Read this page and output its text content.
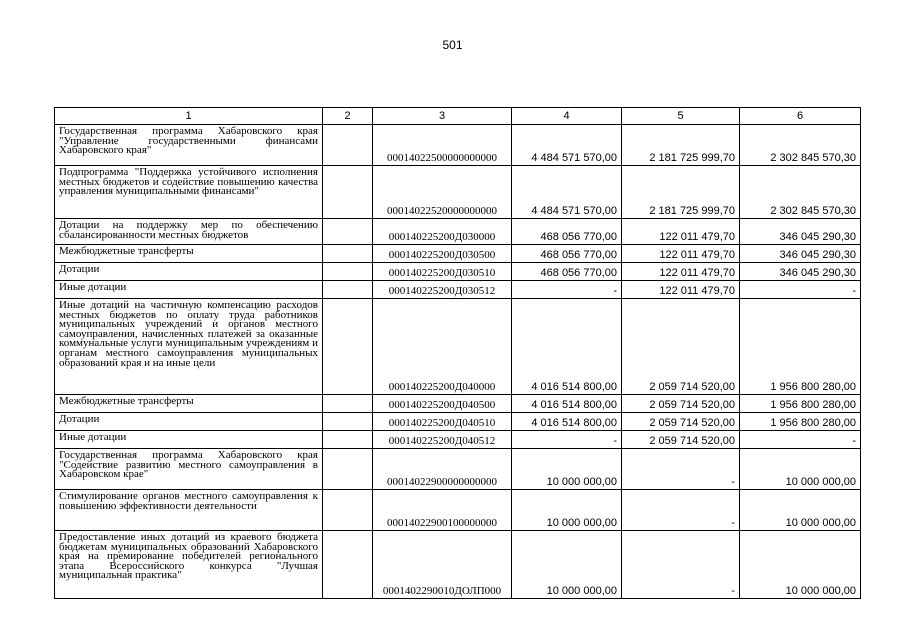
501
1	2	3	4	5	6
Государственная программа Хабаровского края "Управление государственными финансами Хабаровского края"		00014022500000000000	4 484 571 570,00	2 181 725 999,70	2 302 845 570,30
Подпрограмма "Поддержка устойчивого исполнения местных бюджетов и содействие повышению качества управления муниципальными финансами"		00014022520000000000	4 484 571 570,00	2 181 725 999,70	2 302 845 570,30
Дотации на поддержку мер по обеспечению сбалансированности местных бюджетов		000140225200Д030000	468 056 770,00	122 011 479,70	346 045 290,30
Межбюджетные трансферты		000140225200Д030500	468 056 770,00	122 011 479,70	346 045 290,30
Дотации		000140225200Д030510	468 056 770,00	122 011 479,70	346 045 290,30
Иные дотации		000140225200Д030512	-	122 011 479,70	-
Иные дотаций на частичную компенсацию расходов местных бюджетов по оплату труда работников муниципальных учреждений и органов местного самоуправления, начисленных платежей за оказанные коммунальные услуги муниципальным учреждениям и органам местного самоуправления муниципальных образований края и на иные цели		000140225200Д040000	4 016 514 800,00	2 059 714 520,00	1 956 800 280,00
Межбюджетные трансферты		000140225200Д040500	4 016 514 800,00	2 059 714 520,00	1 956 800 280,00
Дотации		000140225200Д040510	4 016 514 800,00	2 059 714 520,00	1 956 800 280,00
Иные дотации		000140225200Д040512	-	2 059 714 520,00	-
Государственная программа Хабаровского края "Содействие развитию местного самоуправления в Хабаровском крае"		00014022900000000000	10 000 000,00	-	10 000 000,00
Стимулирование органов местного самоуправления к повышению эффективности деятельности		00014022900100000000	10 000 000,00	-	10 000 000,00
Предоставление иных дотаций из краевого бюджета бюджетам муниципальных образований Хабаровского края на премирование победителей регионального этапа Всероссийского конкурса "Лучшая муниципальная практика"		0001402290010ДОЛП000	10 000 000,00	-	10 000 000,00
